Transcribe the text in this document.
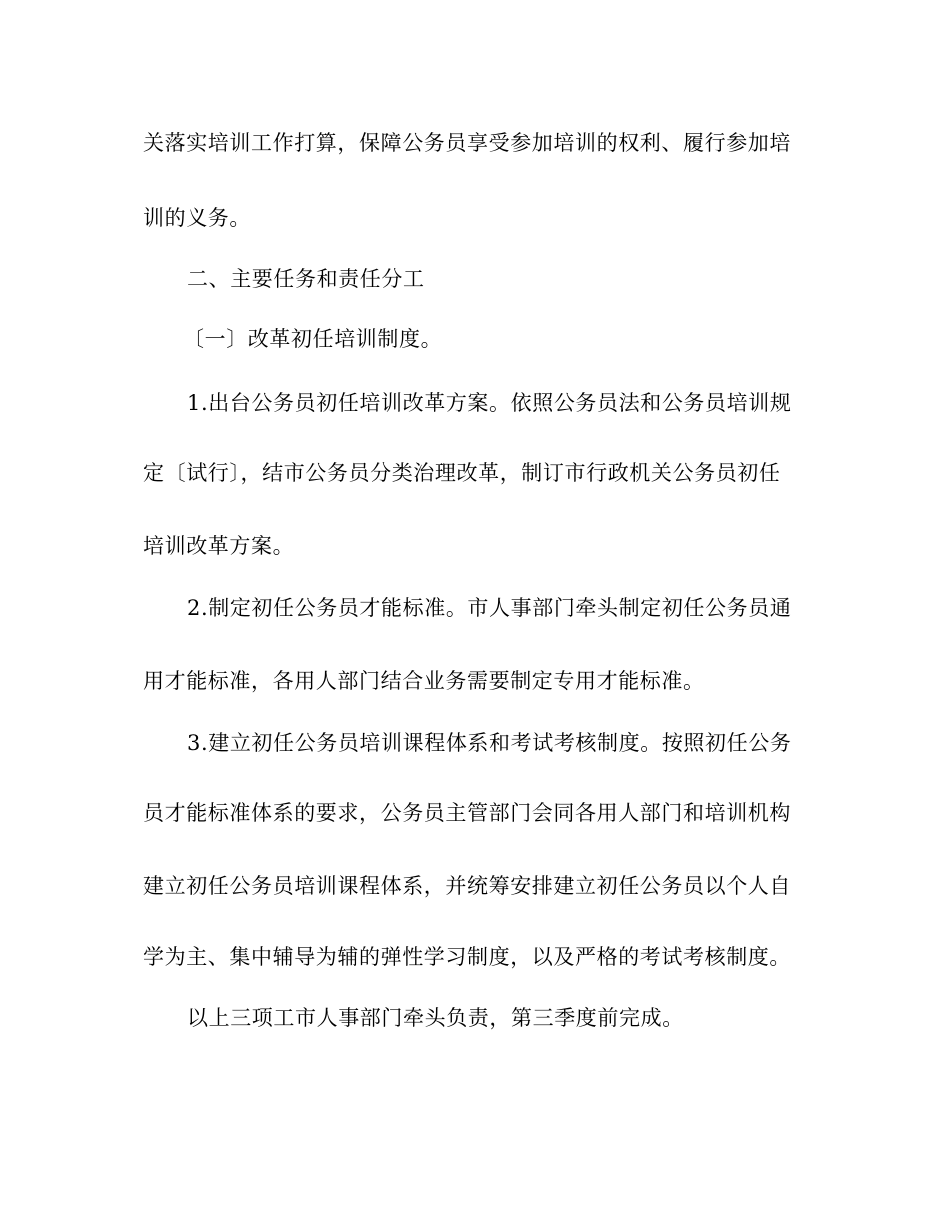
关落实培训工作打算，保障公务员享受参加培训的权利、履行参加培
训的义务。
二、主要任务和责任分工
〔一〕改革初任培训制度。
1.出台公务员初任培训改革方案。依照公务员法和公务员培训规
定〔试行〕，结市公务员分类治理改革，制订市行政机关公务员初任
培训改革方案。
2.制定初任公务员才能标准。市人事部门牵头制定初任公务员通
用才能标准，各用人部门结合业务需要制定专用才能标准。
3.建立初任公务员培训课程体系和考试考核制度。按照初任公务
员才能标准体系的要求，公务员主管部门会同各用人部门和培训机构
建立初任公务员培训课程体系，并统筹安排建立初任公务员以个人自
学为主、集中辅导为辅的弹性学习制度，以及严格的考试考核制度。
以上三项工市人事部门牵头负责，第三季度前完成。
